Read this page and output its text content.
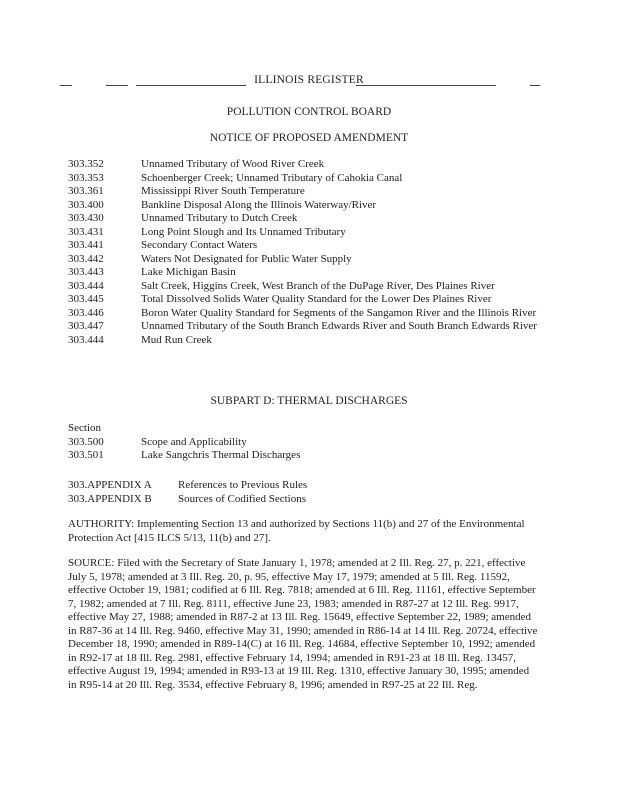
ILLINOIS REGISTER
POLLUTION CONTROL BOARD
NOTICE OF PROPOSED AMENDMENT
303.352	Unnamed Tributary of Wood River Creek
303.353	Schoenberger Creek; Unnamed Tributary of Cahokia Canal
303.361	Mississippi River South Temperature
303.400	Bankline Disposal Along the Illinois Waterway/River
303.430	Unnamed Tributary to Dutch Creek
303.431	Long Point Slough and Its Unnamed Tributary
303.441	Secondary Contact Waters
303.442	Waters Not Designated for Public Water Supply
303.443	Lake Michigan Basin
303.444	Salt Creek, Higgins Creek, West Branch of the DuPage River, Des Plaines River
303.445	Total Dissolved Solids Water Quality Standard for the Lower Des Plaines River
303.446	Boron Water Quality Standard for Segments of the Sangamon River and the Illinois River
303.447	Unnamed Tributary of the South Branch Edwards River and South Branch Edwards River
303.444	Mud Run Creek
SUBPART D: THERMAL DISCHARGES
Section
303.500	Scope and Applicability
303.501	Lake Sangchris Thermal Discharges
303.APPENDIX A	References to Previous Rules
303.APPENDIX B	Sources of Codified Sections
AUTHORITY: Implementing Section 13 and authorized by Sections 11(b) and 27 of the Environmental Protection Act [415 ILCS 5/13, 11(b) and 27].
SOURCE: Filed with the Secretary of State January 1, 1978; amended at 2 Ill. Reg. 27, p. 221, effective July 5, 1978; amended at 3 Ill. Reg. 20, p. 95, effective May 17, 1979; amended at 5 Ill. Reg. 11592, effective October 19, 1981; codified at 6 Ill. Reg. 7818; amended at 6 Ill. Reg. 11161, effective September 7, 1982; amended at 7 Ill. Reg. 8111, effective June 23, 1983; amended in R87-27 at 12 Ill. Reg. 9917, effective May 27, 1988; amended in R87-2 at 13 Ill. Reg. 15649, effective September 22, 1989; amended in R87-36 at 14 Ill. Reg. 9460, effective May 31, 1990; amended in R86-14 at 14 Ill. Reg. 20724, effective December 18, 1990; amended in R89-14(C) at 16 Ill. Reg. 14684, effective September 10, 1992; amended in R92-17 at 18 Ill. Reg. 2981, effective February 14, 1994; amended in R91-23 at 18 Ill. Reg. 13457, effective August 19, 1994; amended in R93-13 at 19 Ill. Reg. 1310, effective January 30, 1995; amended in R95-14 at 20 Ill. Reg. 3534, effective February 8, 1996; amended in R97-25 at 22 Ill. Reg.
